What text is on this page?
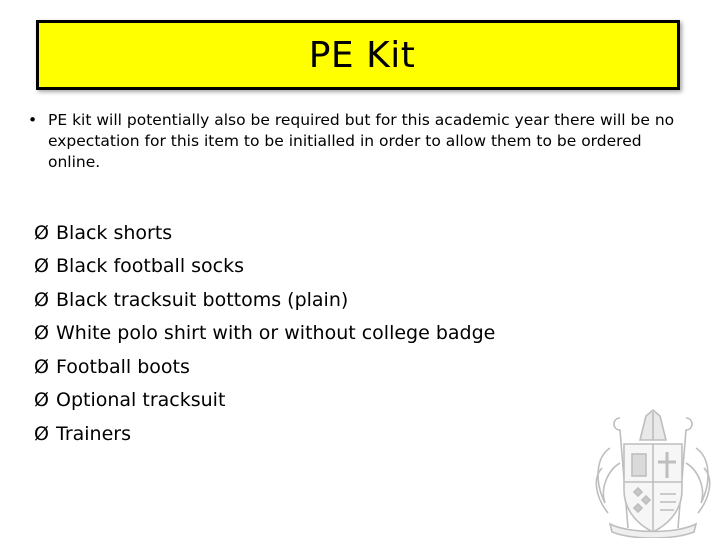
PE Kit
• PE kit will potentially also be required but for this academic year there will be no expectation for this item to be initialled in order to allow them to be ordered online.
Ø Black shorts
Ø Black football socks
Ø Black tracksuit bottoms (plain)
Ø White polo shirt with or without college badge
Ø Football boots
Ø Optional tracksuit
Ø Trainers
